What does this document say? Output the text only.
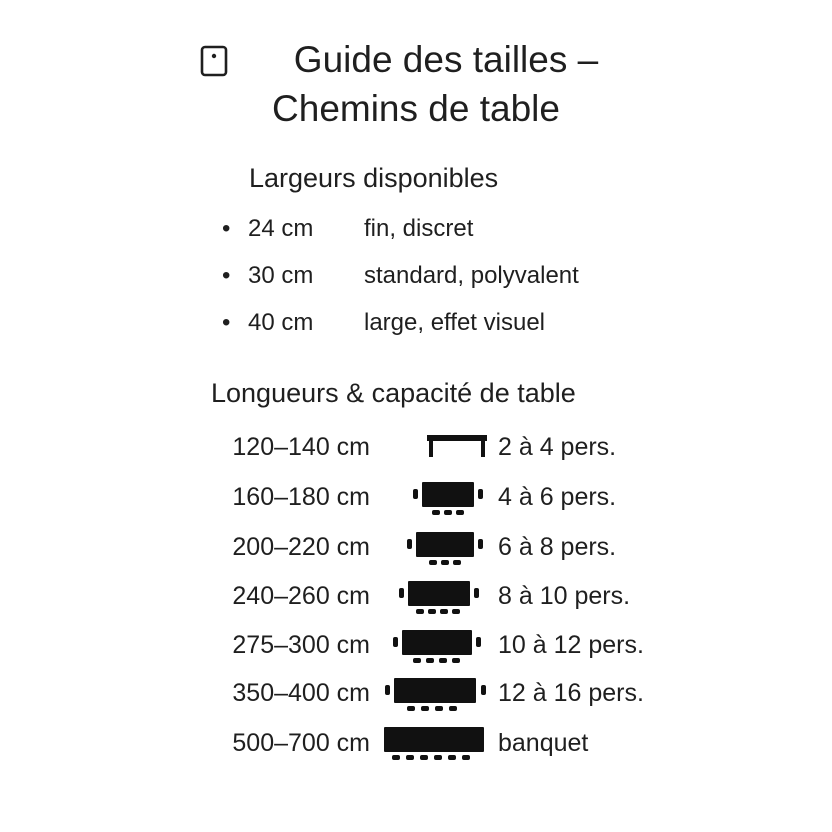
Guide des tailles –
Chemins de table
Largeurs disponibles
• 24 cm fin, discret
• 30 cm standard, polyvalent
• 40 cm large, effet visuel
Longueurs & capacité de table
120–140 cm	2 à 4 pers.
160–180 cm	4 à 6 pers.
200–220 cm	6 à 8 pers.
240–260 cm	8 à 10 pers.
275–300 cm	10 à 12 pers.
350–400 cm	12 à 16 pers.
500–700 cm	banquet
